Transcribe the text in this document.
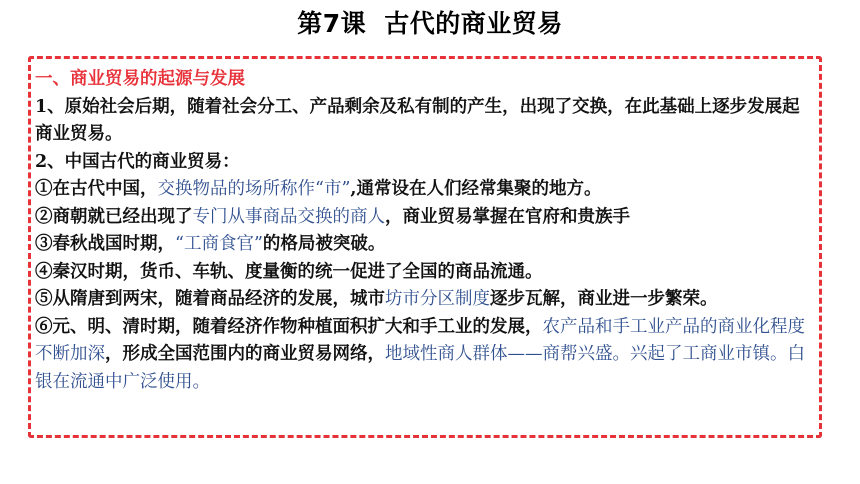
第7课 古代的商业贸易

一、商业贸易的起源与发展

1、原始社会后期，随着社会分工、产品剩余及私有制的产生，出现了交换，在此基础上逐步发展起商业贸易。

2、中国古代的商业贸易：

①在古代中国，交换物品的场所称作“市”,通常设在人们经常集聚的地方。

②商朝就已经出现了专门从事商品交换的商人，商业贸易掌握在官府和贵族手

③春秋战国时期，“工商食官”的格局被突破。

④秦汉时期，货币、车轨、度量衡的统一促进了全国的商品流通。

⑤从隋唐到两宋，随着商品经济的发展，城市坊市分区制度逐步瓦解，商业进一步繁荣。

⑥元、明、清时期，随着经济作物种植面积扩大和手工业的发展，农产品和手工业产品的商业化程度不断加深，形成全国范围内的商业贸易网络，地域性商人群体——商帮兴盛。兴起了工商业市镇。白银在流通中广泛使用。
